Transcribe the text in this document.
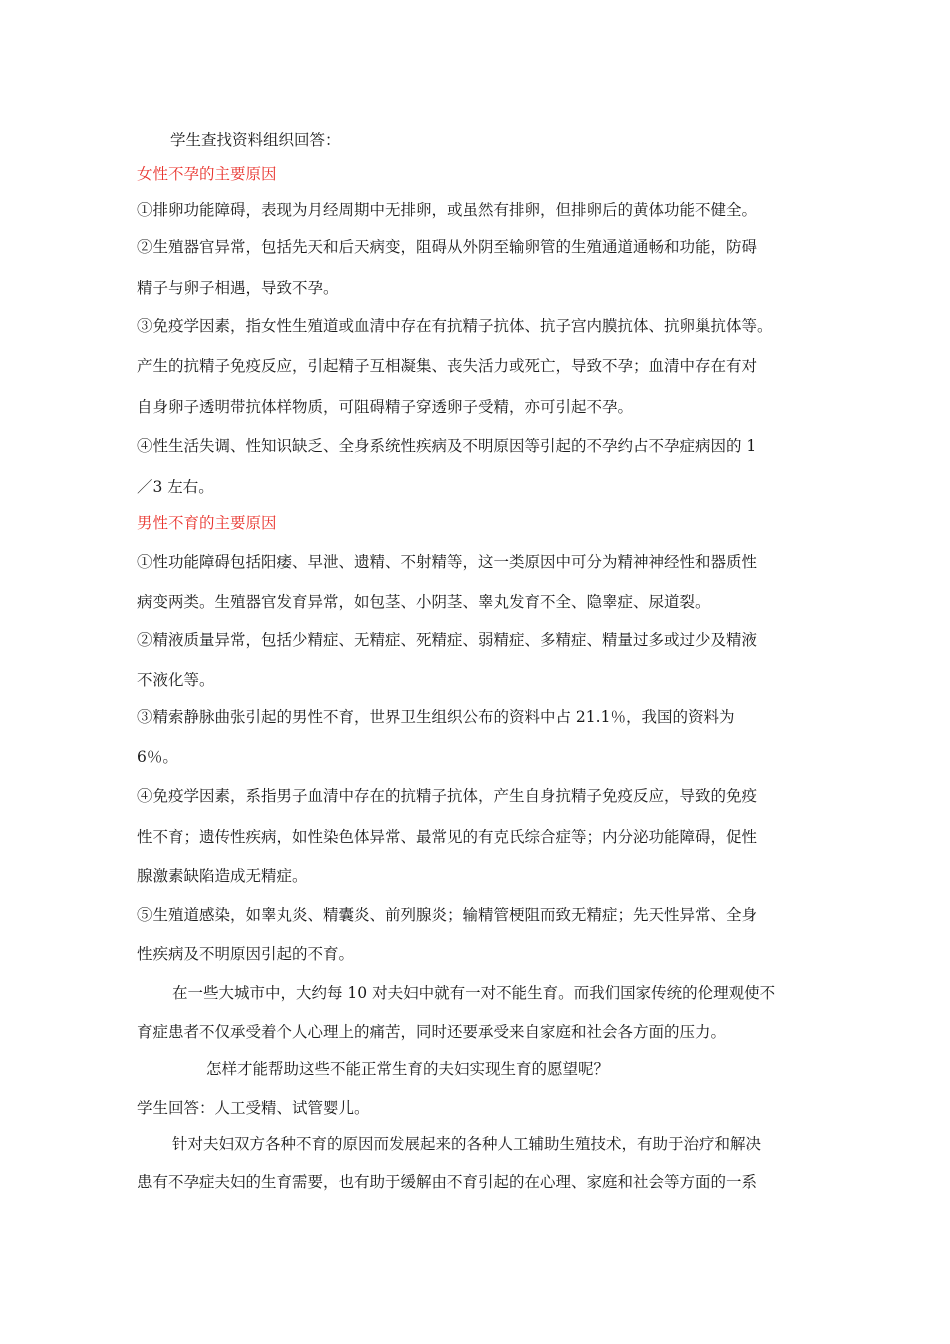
学生查找资料组织回答：
女性不孕的主要原因
①排卵功能障碍，表现为月经周期中无排卵，或虽然有排卵，但排卵后的黄体功能不健全。
②生殖器官异常，包括先天和后天病变，阻碍从外阴至输卵管的生殖通道通畅和功能，防碍
精子与卵子相遇，导致不孕。
③免疫学因素，指女性生殖道或血清中存在有抗精子抗体、抗子宫内膜抗体、抗卵巢抗体等。
产生的抗精子免疫反应，引起精子互相凝集、丧失活力或死亡，导致不孕；血清中存在有对
自身卵子透明带抗体样物质，可阻碍精子穿透卵子受精，亦可引起不孕。
④性生活失调、性知识缺乏、全身系统性疾病及不明原因等引起的不孕约占不孕症病因的 1
／3 左右。
男性不育的主要原因
①性功能障碍包括阳痿、早泄、遗精、不射精等，这一类原因中可分为精神神经性和器质性
病变两类。生殖器官发育异常，如包茎、小阴茎、睾丸发育不全、隐睾症、尿道裂。
②精液质量异常，包括少精症、无精症、死精症、弱精症、多精症、精量过多或过少及精液
不液化等。
③精索静脉曲张引起的男性不育，世界卫生组织公布的资料中占 21.1％，我国的资料为
6％。
④免疫学因素，系指男子血清中存在的抗精子抗体，产生自身抗精子免疫反应，导致的免疫
性不育；遗传性疾病，如性染色体异常、最常见的有克氏综合症等；内分泌功能障碍，促性
腺激素缺陷造成无精症。
⑤生殖道感染，如睾丸炎、精囊炎、前列腺炎；输精管梗阻而致无精症；先天性异常、全身
性疾病及不明原因引起的不育。
在一些大城市中，大约每 10 对夫妇中就有一对不能生育。而我们国家传统的伦理观使不
育症患者不仅承受着个人心理上的痛苦，同时还要承受来自家庭和社会各方面的压力。
怎样才能帮助这些不能正常生育的夫妇实现生育的愿望呢？
学生回答：人工受精、试管婴儿。
针对夫妇双方各种不育的原因而发展起来的各种人工辅助生殖技术，有助于治疗和解决
患有不孕症夫妇的生育需要，也有助于缓解由不育引起的在心理、家庭和社会等方面的一系
